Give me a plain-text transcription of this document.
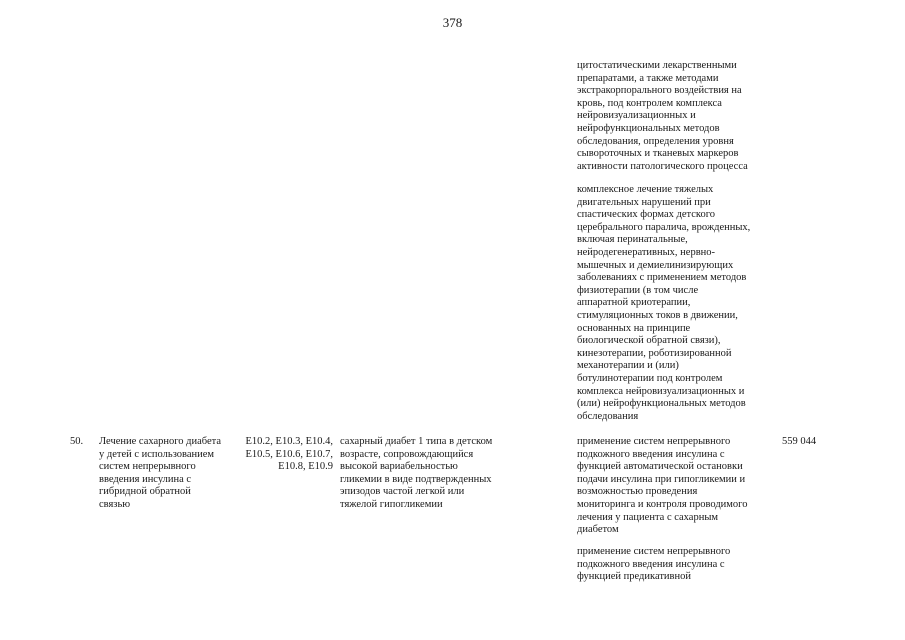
378
цитостатическими лекарственными
препаратами, а также методами
экстракорпорального воздействия на
кровь, под контролем комплекса
нейровизуализационных и
нейрофункциональных методов
обследования, определения уровня
сывороточных и тканевых маркеров
активности патологического процесса
комплексное лечение тяжелых
двигательных нарушений при
спастических формах детского
церебрального паралича, врожденных,
включая перинатальные,
нейродегенеративных, нервно-
мышечных и демиелинизирующих
заболеваниях с применением методов
физиотерапии (в том числе
аппаратной криотерапии,
стимуляционных токов в движении,
основанных на принципе
биологической обратной связи),
кинезотерапии, роботизированной
механотерапии и (или)
ботулинотерапии под контролем
комплекса нейровизуализационных и
(или) нейрофункциональных методов
обследования
50.	Лечение сахарного диабета
у детей с использованием
систем непрерывного
введения инсулина с
гибридной обратной
связью
E10.2, E10.3, E10.4,
E10.5, E10.6, E10.7,
E10.8, E10.9
сахарный диабет 1 типа в детском
возрасте, сопровождающийся
высокой вариабельностью
гликемии в виде подтвержденных
эпизодов частой легкой или
тяжелой гипогликемии
применение систем непрерывного
подкожного введения инсулина с
функцией автоматической остановки
подачи инсулина при гипогликемии и
возможностью проведения
мониторинга и контроля проводимого
лечения у пациента с сахарным
диабетом
применение систем непрерывного
подкожного введения инсулина с
функцией предикативной
559 044
